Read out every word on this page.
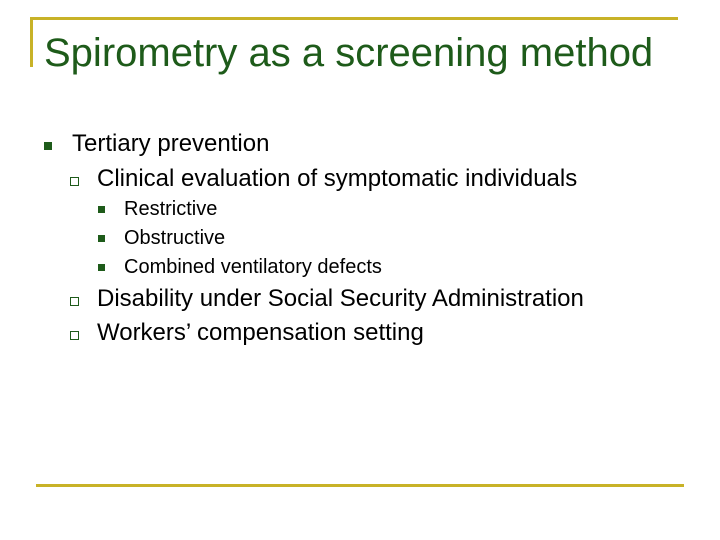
Spirometry as a screening method
Tertiary prevention
Clinical evaluation of symptomatic individuals
Restrictive
Obstructive
Combined ventilatory defects
Disability under Social Security Administration
Workers’ compensation setting
